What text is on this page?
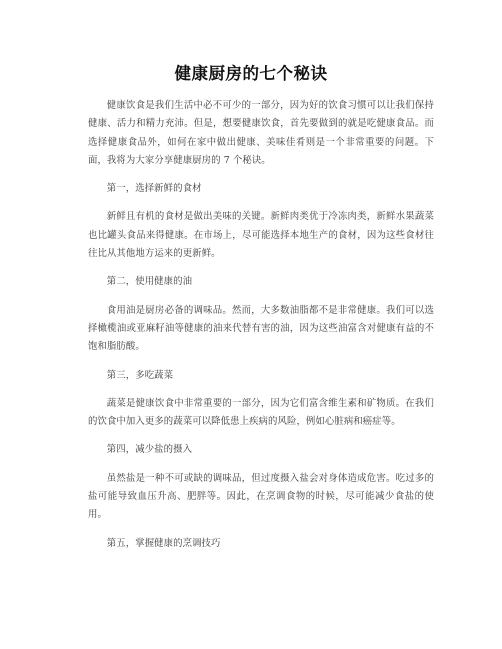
健康厨房的七个秘诀

健康饮食是我们生活中必不可少的一部分，因为好的饮食习惯可以让我们保持健康、活力和精力充沛。但是，想要健康饮食，首先要做到的就是吃健康食品。而选择健康食品外，如何在家中做出健康、美味佳肴则是一个非常重要的问题。下面，我将为大家分享健康厨房的 7 个秘诀。

第一，选择新鲜的食材

新鲜且有机的食材是做出美味的关键。新鲜肉类优于冷冻肉类，新鲜水果蔬菜也比罐头食品来得健康。在市场上，尽可能选择本地生产的食材，因为这些食材往往比从其他地方运来的更新鲜。

第二，使用健康的油

食用油是厨房必备的调味品。然而，大多数油脂都不是非常健康。我们可以选择橄榄油或亚麻籽油等健康的油来代替有害的油，因为这些油富含对健康有益的不饱和脂肪酸。

第三，多吃蔬菜

蔬菜是健康饮食中非常重要的一部分，因为它们富含维生素和矿物质。在我们的饮食中加入更多的蔬菜可以降低患上疾病的风险，例如心脏病和癌症等。

第四，减少盐的摄入

虽然盐是一种不可或缺的调味品，但过度摄入盐会对身体造成危害。吃过多的盐可能导致血压升高、肥胖等。因此，在烹调食物的时候，尽可能减少食盐的使用。

第五，掌握健康的烹调技巧
